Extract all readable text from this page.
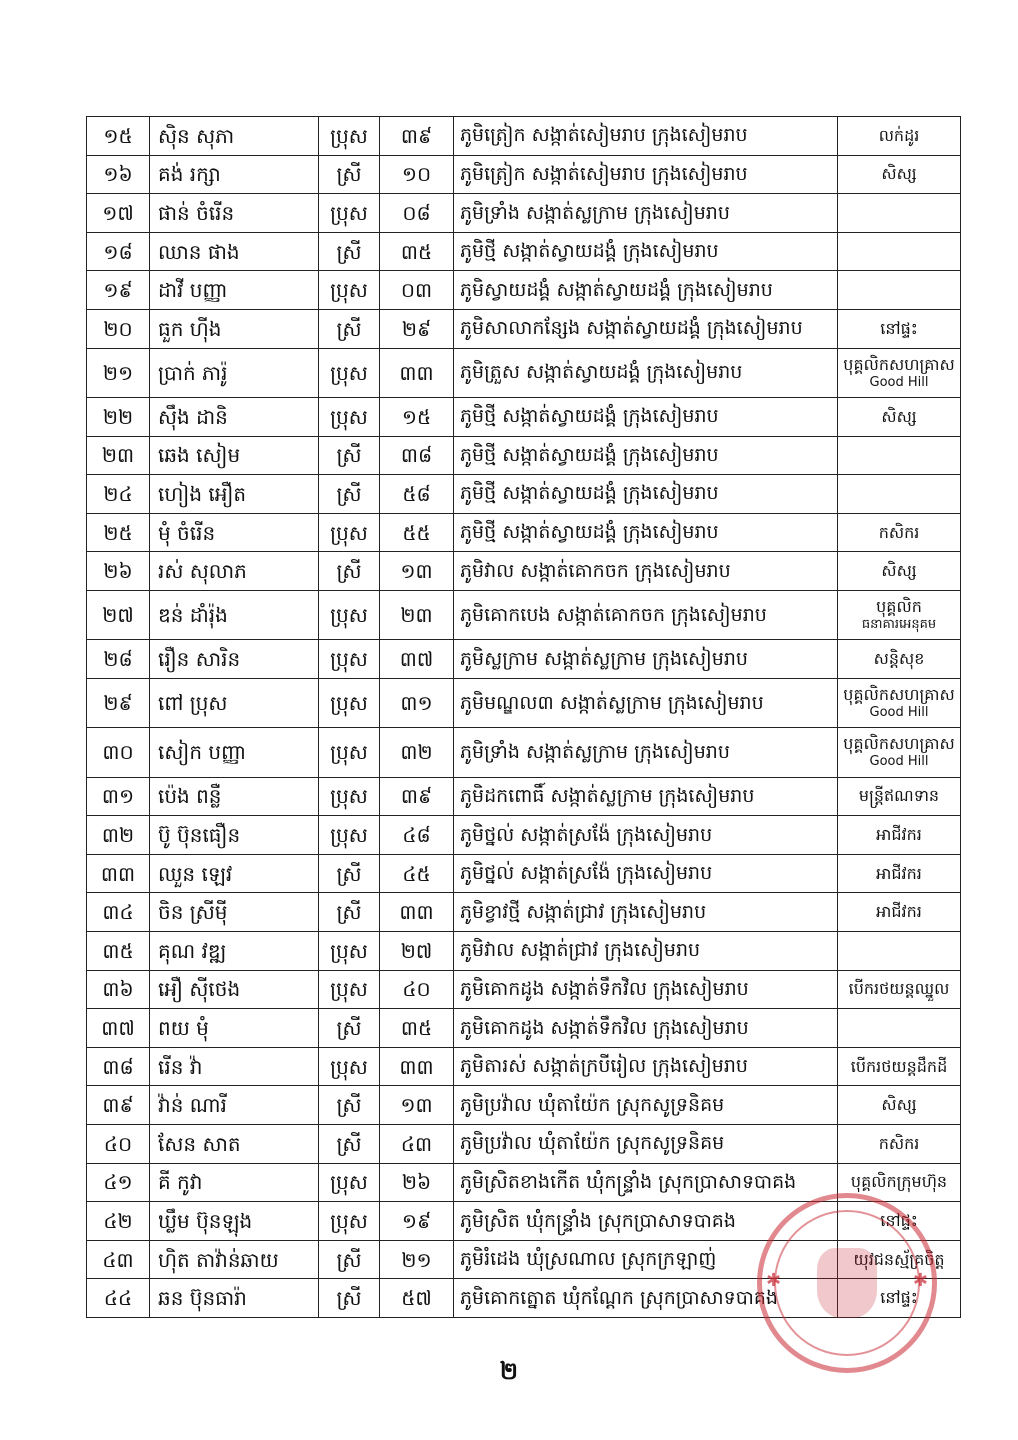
១៥	ស៊ិន សុភា	ប្រុស	៣៩	ភូមិត្រៀក សង្កាត់សៀមរាប ក្រុងសៀមរាប	លក់ដូរ

១៦	គង់ រក្សា	ស្រី	១០	ភូមិត្រៀក សង្កាត់សៀមរាប ក្រុងសៀមរាប	សិស្ស

១៧	ផាន់ ចំរើន	ប្រុស	០៨	ភូមិទ្រាំង សង្កាត់ស្លក្រាម ក្រុងសៀមរាប	
១៨	ឈាន ផាង	ស្រី	៣៥	ភូមិថ្មី សង្កាត់ស្វាយដង្គំ ក្រុងសៀមរាប	
១៩	ដាវី បញ្ញា	ប្រុស	០៣	ភូមិស្វាយដង្គំ សង្កាត់ស្វាយដង្គំ ក្រុងសៀមរាប	
២០	ធួក ហ៊ីង	ស្រី	២៩	ភូមិសាលាកន្សែង សង្កាត់ស្វាយដង្គំ ក្រុងសៀមរាប	នៅផ្ទះ

២១	ប្រាក់ ភារ៉ូ	ប្រុស	៣៣	ភូមិត្រួស សង្កាត់ស្វាយដង្គំ ក្រុងសៀមរាប	បុគ្គលិកសហគ្រាស
Good Hill

២២	ស៊ឹង ដានិ	ប្រុស	១៥	ភូមិថ្មី សង្កាត់ស្វាយដង្គំ ក្រុងសៀមរាប	សិស្ស

២៣	ឆេង សៀម	ស្រី	៣៨	ភូមិថ្មី សង្កាត់ស្វាយដង្គំ ក្រុងសៀមរាប	
២៤	ហៀង អឿត	ស្រី	៥៨	ភូមិថ្មី សង្កាត់ស្វាយដង្គំ ក្រុងសៀមរាប	
២៥	មុំ ចំរើន	ប្រុស	៥៥	ភូមិថ្មី សង្កាត់ស្វាយដង្គំ ក្រុងសៀមរាប	កសិករ

២៦	រស់ សុលាភ	ស្រី	១៣	ភូមិវាល សង្កាត់គោកចក ក្រុងសៀមរាប	សិស្ស

២៧	ឌន់ ដាំរ៉ុង	ប្រុស	២៣	ភូមិគោកបេង សង្កាត់គោកចក ក្រុងសៀមរាប	បុគ្គលិក
ធនាគារអេនុគម

២៨	រឿន សារិន	ប្រុស	៣៧	ភូមិស្លក្រាម សង្កាត់ស្លក្រាម ក្រុងសៀមរាប	សន្តិសុខ

២៩	ពៅ ប្រុស	ប្រុស	៣១	ភូមិមណ្ឌល៣ សង្កាត់ស្លក្រាម ក្រុងសៀមរាប	បុគ្គលិកសហគ្រាស
Good Hill

៣០	សៀក បញ្ញា	ប្រុស	៣២	ភូមិទ្រាំង សង្កាត់ស្លក្រាម ក្រុងសៀមរាប	បុគ្គលិកសហគ្រាស
Good Hill

៣១	ប៉េង ពន្លឺ	ប្រុស	៣៩	ភូមិដកពោធិ៍ សង្កាត់ស្លក្រាម ក្រុងសៀមរាប	មន្ត្រីឥណទាន

៣២	ប៊ូ ប៊ុនធឿន	ប្រុស	៤៨	ភូមិថ្នល់ សង្កាត់ស្រង៉ែ ក្រុងសៀមរាប	អាជីវករ

៣៣	ឈួន ឡេវ	ស្រី	៤៥	ភូមិថ្នល់ សង្កាត់ស្រង៉ែ ក្រុងសៀមរាប	អាជីវករ

៣៤	ចិន ស្រីម៉ី	ស្រី	៣៣	ភូមិខ្វាវថ្មី សង្កាត់ជ្រាវ ក្រុងសៀមរាប	អាជីវករ

៣៥	គុណ វឌ្ឍ	ប្រុស	២៧	ភូមិវាល សង្កាត់ជ្រាវ ក្រុងសៀមរាប	
៣៦	អឿ ស៊ីថេង	ប្រុស	៤០	ភូមិគោកដូង សង្កាត់ទឹកវិល ក្រុងសៀមរាប	បើករថយន្តឈ្នួល

៣៧	ពយ មុំ	ស្រី	៣៥	ភូមិគោកដូង សង្កាត់ទឹកវិល ក្រុងសៀមរាប	
៣៨	រើន វ៉ា	ប្រុស	៣៣	ភូមិតារស់ សង្កាត់ក្របីរៀល ក្រុងសៀមរាប	បើករថយន្តដឹកដី

៣៩	វ៉ាន់ ណារី	ស្រី	១៣	ភូមិប្រវ៉ាល ឃុំតាយ៉ែក ស្រុកសូទ្រនិគម	សិស្ស

៤០	សែន សាត	ស្រី	៤៣	ភូមិប្រវ៉ាល ឃុំតាយ៉ែក ស្រុកសូទ្រនិគម	កសិករ

៤១	គី កូវា	ប្រុស	២៦	ភូមិស្រិតខាងកើត ឃុំកន្ទ្រាំង ស្រុកប្រាសាទបាគង	បុគ្គលិកក្រុមហ៊ុន

៤២	ឃ្លឹម ប៊ុនឡុង	ប្រុស	១៩	ភូមិស្រិត ឃុំកន្ទ្រាំង ស្រុកប្រាសាទបាគង	នៅផ្ទះ

៤៣	ហ៊ិត តាវ៉ាន់ឆាយ	ស្រី	២១	ភូមិរំដេង ឃុំស្រណាល ស្រុកក្រឡាញ់	យុវជនស្ម័គ្រចិត្ត

៤៤	ឆន ប៊ុនធារ៉ា	ស្រី	៥៧	ភូមិគោកត្នោត ឃុំកណ្ដែក ស្រុកប្រាសាទបាគង	នៅផ្ទះ
✱	✱
២
